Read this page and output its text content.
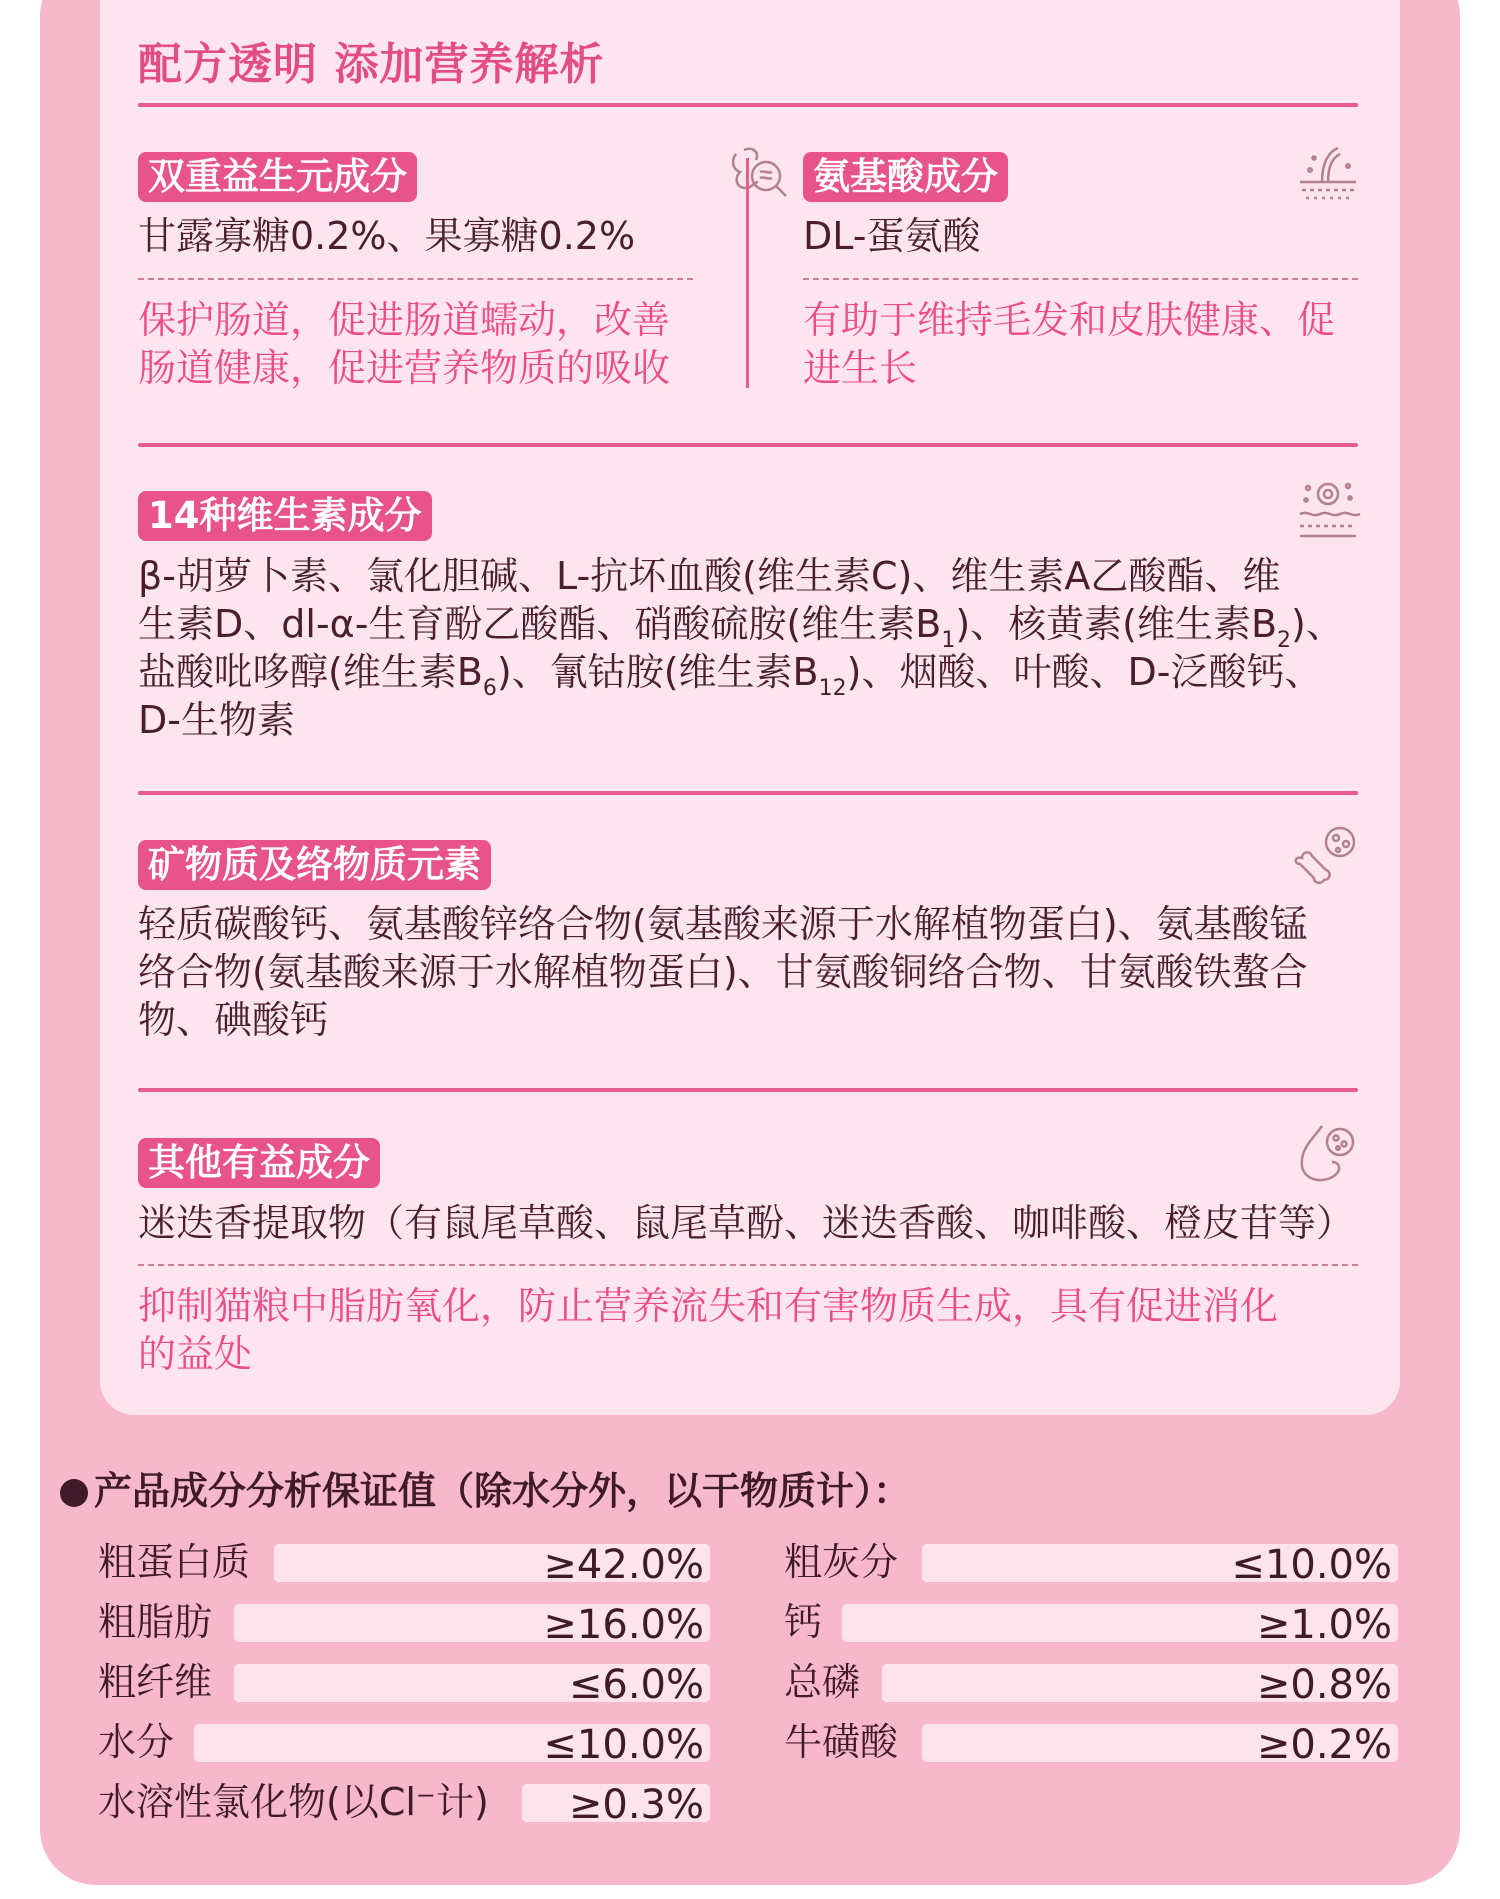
配方透明 添加营养解析
双重益生元成分
甘露寡糖0.2%、果寡糖0.2%
保护肠道，促进肠道蠕动，改善
肠道健康，促进营养物质的吸收
氨基酸成分
DL-蛋氨酸
有助于维持毛发和皮肤健康、促
进生长
14种维生素成分
β-胡萝卜素、氯化胆碱、L-抗坏血酸(维生素C)、维生素A乙酸酯、维
生素D、dl-α-生育酚乙酸酯、硝酸硫胺(维生素$B_1$)、核黄素(维生素$B_2$)、
盐酸吡哆醇(维生素$B_6$)、氰钴胺(维生素$B_{12}$)、烟酸、叶酸、D-泛酸钙、
D-生物素
矿物质及络物质元素
轻质碳酸钙、氨基酸锌络合物(氨基酸来源于水解植物蛋白)、氨基酸锰
络合物(氨基酸来源于水解植物蛋白)、甘氨酸铜络合物、甘氨酸铁螯合
物、碘酸钙
其他有益成分
迷迭香提取物（有鼠尾草酸、鼠尾草酚、迷迭香酸、咖啡酸、橙皮苷等）
抑制猫粮中脂肪氧化，防止营养流失和有害物质生成，具有促进消化
的益处
产品成分分析保证值（除水分外，以干物质计）：
粗蛋白质	≥42.0%
粗脂肪	≥16.0%
粗纤维	≤6.0%
水分	≤10.0%
水溶性氯化物(以Cl⁻计) ≥0.3%
粗灰分	≤10.0%
钙	≥1.0%
总磷	≥0.8%
牛磺酸	≥0.2%
